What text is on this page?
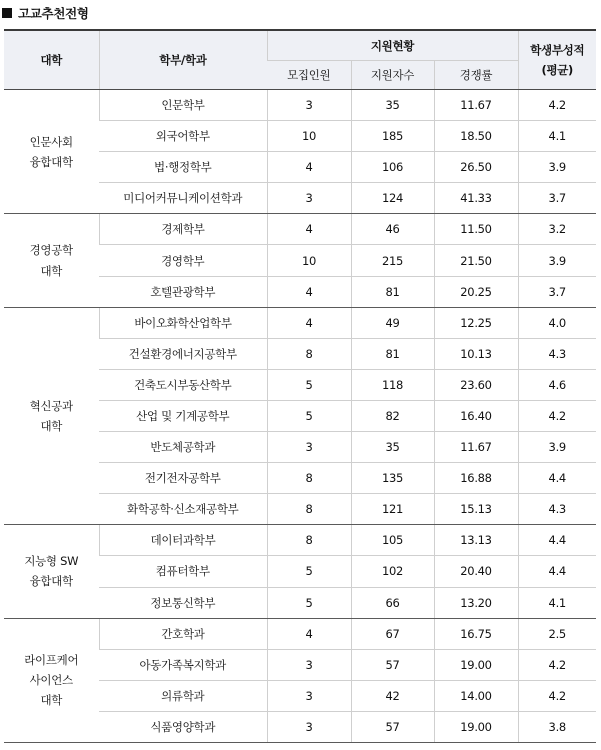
고교추천전형
대학	학부/학과	지원현황			학생부성적
(평균)

		모집인원	지원자수	경쟁률	

인문사회
융합대학	인문학부	3	35	11.67	4.2
	외국어학부	10	185	18.50	4.1
	법·행정학부	4	106	26.50	3.9
	미디어커뮤니케이션학과	3	124	41.33	3.7

경영공학
대학	경제학부	4	46	11.50	3.2
	경영학부	10	215	21.50	3.9
	호텔관광학부	4	81	20.25	3.7

혁신공과
대학	바이오화학산업학부	4	49	12.25	4.0
	건설환경에너지공학부	8	81	10.13	4.3
	건축도시부동산학부	5	118	23.60	4.6
	산업 및 기계공학부	5	82	16.40	4.2
	반도체공학과	3	35	11.67	3.9
	전기전자공학부	8	135	16.88	4.4
	화학공학·신소재공학부	8	121	15.13	4.3

지능형 SW
융합대학	데이터과학부	8	105	13.13	4.4
	컴퓨터학부	5	102	20.40	4.4
	정보통신학부	5	66	13.20	4.1

라이프케어
사이언스
대학	간호학과	4	67	16.75	2.5
	아동가족복지학과	3	57	19.00	4.2
	의류학과	3	42	14.00	4.2
	식품영양학과	3	57	19.00	3.8
